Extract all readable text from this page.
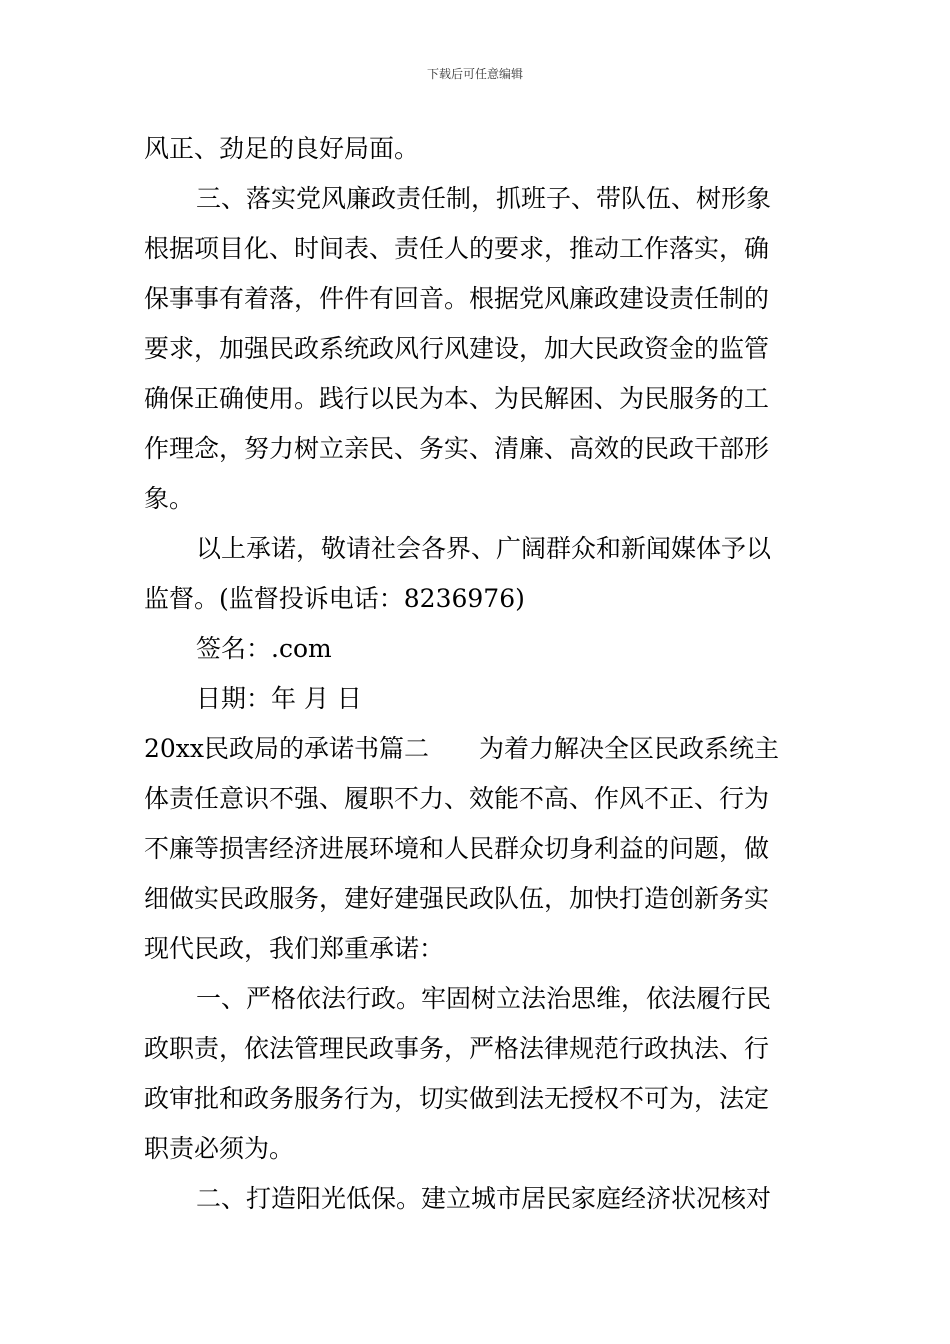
下载后可任意编辑
风正、劲足的良好局面。
三、落实党风廉政责任制，抓班子、带队伍、树形象
根据项目化、时间表、责任人的要求，推动工作落实，确
保事事有着落，件件有回音。根据党风廉政建设责任制的
要求，加强民政系统政风行风建设，加大民政资金的监管
确保正确使用。践行以民为本、为民解困、为民服务的工
作理念，努力树立亲民、务实、清廉、高效的民政干部形
象。
以上承诺，敬请社会各界、广阔群众和新闻媒体予以
监督。(监督投诉电话：8236976)
签名：.com
日期：年 月 日
20xx民政局的承诺书篇二　　为着力解决全区民政系统主
体责任意识不强、履职不力、效能不高、作风不正、行为
不廉等损害经济进展环境和人民群众切身利益的问题，做
细做实民政服务，建好建强民政队伍，加快打造创新务实
现代民政，我们郑重承诺：
一、严格依法行政。牢固树立法治思维，依法履行民
政职责，依法管理民政事务，严格法律规范行政执法、行
政审批和政务服务行为，切实做到法无授权不可为，法定
职责必须为。
二、打造阳光低保。建立城市居民家庭经济状况核对
